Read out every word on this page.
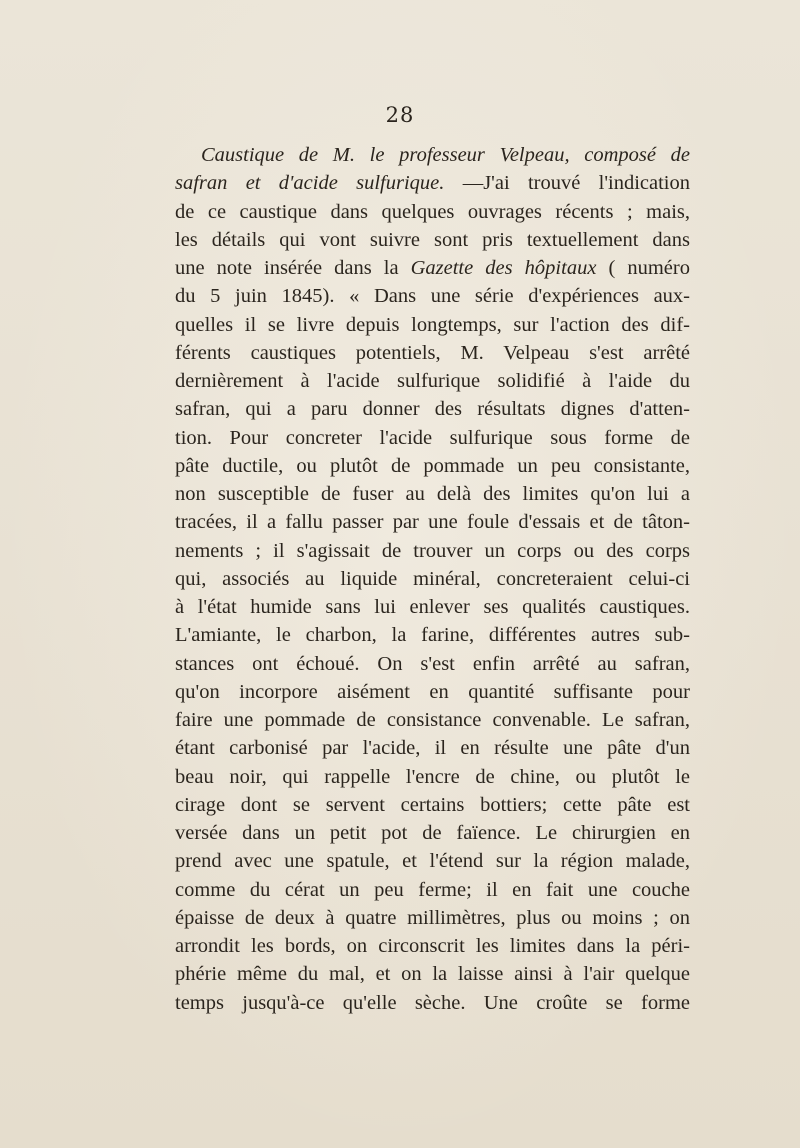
28
Caustique de M. le professeur Velpeau, composé de
safran et d'acide sulfurique. —J'ai trouvé l'indication
de ce caustique dans quelques ouvrages récents ; mais,
les détails qui vont suivre sont pris textuellement dans
une note insérée dans la Gazette des hôpitaux ( numéro
du 5 juin 1845). « Dans une série d'expériences aux-
quelles il se livre depuis longtemps, sur l'action des dif-
férents caustiques potentiels, M. Velpeau s'est arrêté
dernièrement à l'acide sulfurique solidifié à l'aide du
safran, qui a paru donner des résultats dignes d'atten-
tion. Pour concreter l'acide sulfurique sous forme de
pâte ductile, ou plutôt de pommade un peu consistante,
non susceptible de fuser au delà des limites qu'on lui a
tracées, il a fallu passer par une foule d'essais et de tâton-
nements ; il s'agissait de trouver un corps ou des corps
qui, associés au liquide minéral, concreteraient celui-ci
à l'état humide sans lui enlever ses qualités caustiques.
L'amiante, le charbon, la farine, différentes autres sub-
stances ont échoué. On s'est enfin arrêté au safran,
qu'on incorpore aisément en quantité suffisante pour
faire une pommade de consistance convenable. Le safran,
étant carbonisé par l'acide, il en résulte une pâte d'un
beau noir, qui rappelle l'encre de chine, ou plutôt le
cirage dont se servent certains bottiers; cette pâte est
versée dans un petit pot de faïence. Le chirurgien en
prend avec une spatule, et l'étend sur la région malade,
comme du cérat un peu ferme; il en fait une couche
épaisse de deux à quatre millimètres, plus ou moins ; on
arrondit les bords, on circonscrit les limites dans la péri-
phérie même du mal, et on la laisse ainsi à l'air quelque
temps jusqu'à-ce qu'elle sèche. Une croûte se forme
